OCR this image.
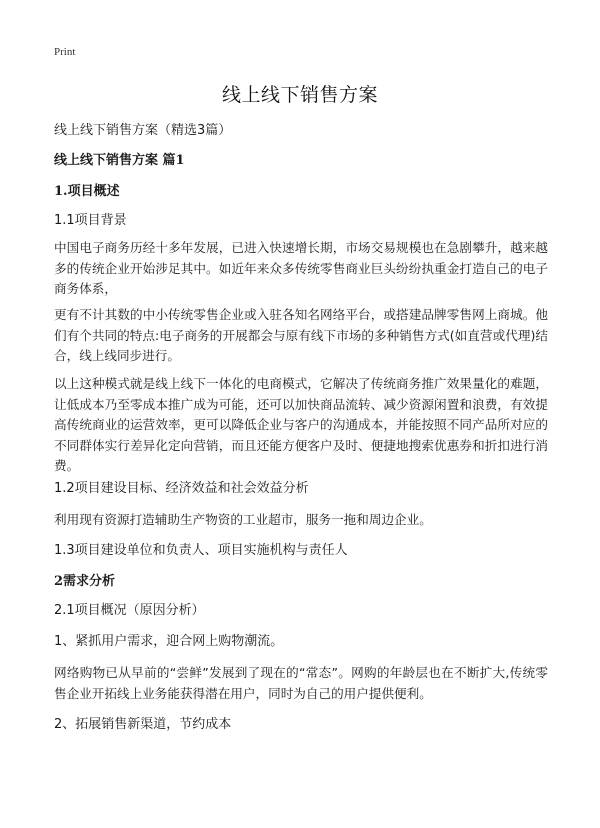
Print
线上线下销售方案
线上线下销售方案（精选3篇）
线上线下销售方案 篇1
1.项目概述
1.1项目背景
中国电子商务历经十多年发展，已进入快速增长期，市场交易规模也在急剧攀升，越来越多的传统企业开始涉足其中。如近年来众多传统零售商业巨头纷纷执重金打造自己的电子商务体系，
更有不计其数的中小传统零售企业或入驻各知名网络平台，或搭建品牌零售网上商城。他们有个共同的特点:电子商务的开展都会与原有线下市场的多种销售方式(如直营或代理)结合，线上线同步进行。
以上这种模式就是线上线下一体化的电商模式，它解决了传统商务推广效果量化的难题，让低成本乃至零成本推广成为可能，还可以加快商品流转、减少资源闲置和浪费，有效提高传统商业的运营效率，更可以降低企业与客户的沟通成本，并能按照不同产品所对应的不同群体实行差异化定向营销，而且还能方便客户及时、便捷地搜索优惠券和折扣进行消费。
1.2项目建设目标、经济效益和社会效益分析
利用现有资源打造辅助生产物资的工业超市，服务一拖和周边企业。
1.3项目建设单位和负责人、项目实施机构与责任人
2需求分析
2.1项目概况（原因分析）
1、紧抓用户需求，迎合网上购物潮流。
网络购物已从早前的“尝鲜”发展到了现在的“常态”。网购的年龄层也在不断扩大,传统零售企业开拓线上业务能获得潜在用户，同时为自己的用户提供便利。
2、拓展销售新渠道，节约成本
